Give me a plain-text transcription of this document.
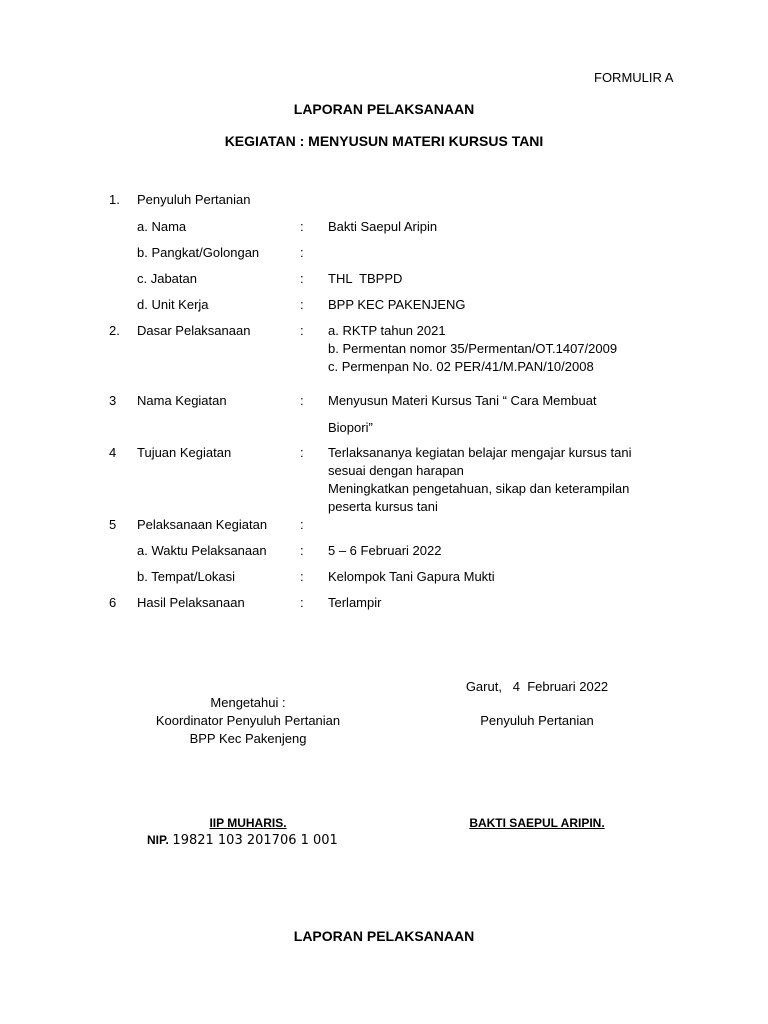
FORMULIR A
LAPORAN PELAKSANAAN
KEGIATAN : MENYUSUN MATERI KURSUS TANI
1. Penyuluh Pertanian
a. Nama	: Bakti Saepul Aripin
b. Pangkat/Golongan	:
c. Jabatan	: THL  TBPPD
d. Unit Kerja	: BPP KEC PAKENJENG
2. Dasar Pelaksanaan	: a. RKTP tahun 2021
b. Permentan nomor 35/Permentan/OT.1407/2009
c. Permenpan No. 02 PER/41/M.PAN/10/2008
3 Nama Kegiatan	: Menyusun Materi Kursus Tani “ Cara Membuat
Biopori”
4 Tujuan Kegiatan	: Terlaksananya kegiatan belajar mengajar kursus tani
sesuai dengan harapan
Meningkatkan pengetahuan, sikap dan keterampilan
peserta kursus tani
5 Pelaksanaan Kegiatan	:
a. Waktu Pelaksanaan	: 5 – 6 Februari 2022
b. Tempat/Lokasi	: Kelompok Tani Gapura Mukti
6 Hasil Pelaksanaan	: Terlampir
Garut,   4  Februari 2022
Mengetahui :
Koordinator Penyuluh Pertanian	Penyuluh Pertanian
BPP Kec Pakenjeng
IIP MUHARIS.	BAKTI SAEPUL ARIPIN.
NIP. 19821 103 201706 1 001
LAPORAN PELAKSANAAN
